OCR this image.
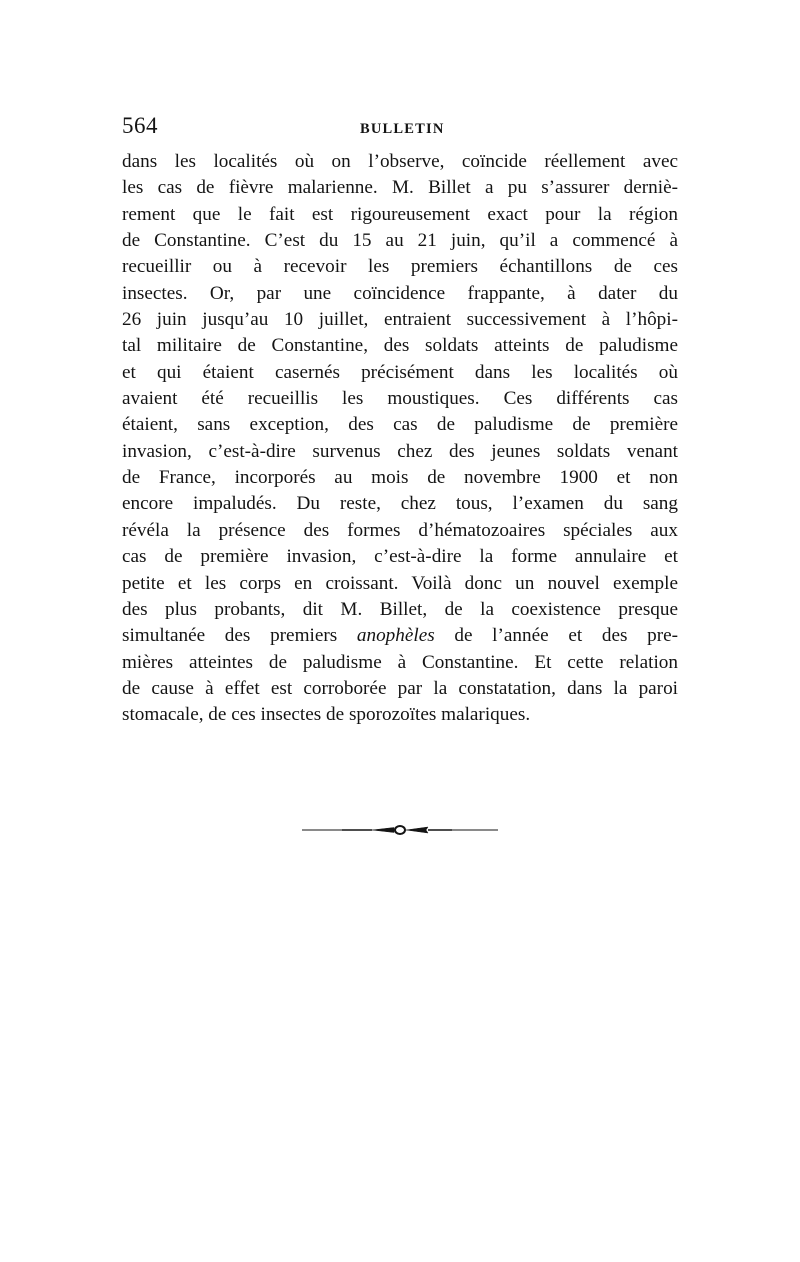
564	BULLETIN
dans les localités où on l’observe, coïncide réellement avec
les cas de fièvre malarienne. M. Billet a pu s’assurer derniè-
rement que le fait est rigoureusement exact pour la région
de Constantine. C’est du 15 au 21 juin, qu’il a commencé à
recueillir ou à recevoir les premiers échantillons de ces
insectes. Or, par une coïncidence frappante, à dater du
26 juin jusqu’au 10 juillet, entraient successivement à l’hôpi-
tal militaire de Constantine, des soldats atteints de paludisme
et qui étaient casernés précisément dans les localités où
avaient été recueillis les moustiques. Ces différents cas
étaient, sans exception, des cas de paludisme de première
invasion, c’est-à-dire survenus chez des jeunes soldats venant
de France, incorporés au mois de novembre 1900 et non
encore impaludés. Du reste, chez tous, l’examen du sang
révéla la présence des formes d’hématozoaires spéciales aux
cas de première invasion, c’est-à-dire la forme annulaire et
petite et les corps en croissant. Voilà donc un nouvel exemple
des plus probants, dit M. Billet, de la coexistence presque
simultanée des premiers anophèles de l’année et des pre-
mières atteintes de paludisme à Constantine. Et cette relation
de cause à effet est corroborée par la constatation, dans la paroi
stomacale, de ces insectes de sporozoïtes malariques.
